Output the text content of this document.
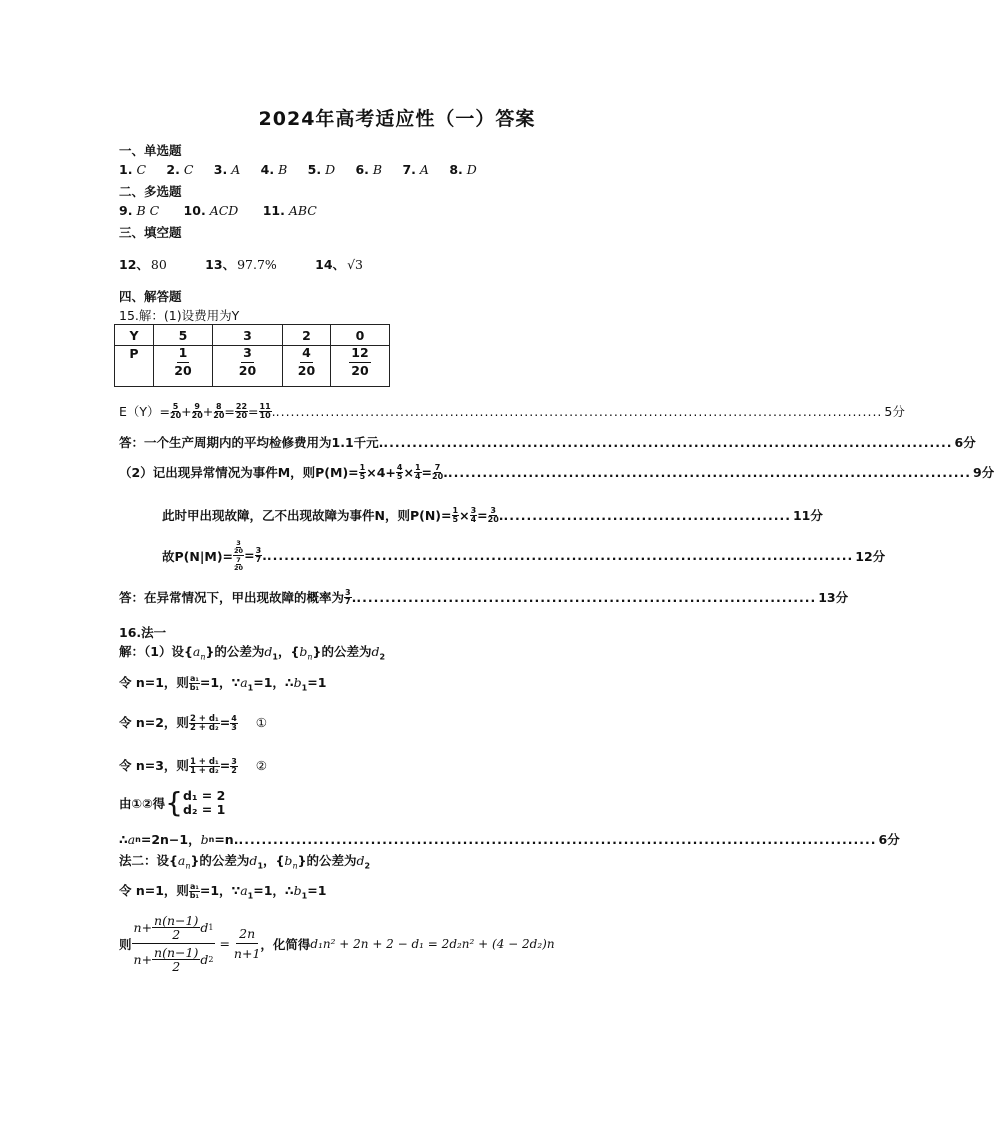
2024年高考适应性（一）答案
一、单选题
1. C 2. C 3. A 4. B 5. D 6. B 7. A 8. D
二、多选题
9. B C 10. ACD 11. ABC
三、填空题
12、 80	13、 97.7%	14、 √3
四、解答题
15.解：(1)设费用为Y
Y	5	3	2	0
P	$\frac{1}{20}$	$\frac{3}{20}$	$\frac{4}{20}$	$\frac{12}{20}$
$E(Y)= \frac{5}{20} + \frac{9}{20} + \frac{8}{20} = \frac{22}{20} = \frac{11}{10}$ . .......................................................................................................................... 5分
答：一个生产周期内的平均检修费用为1.1千元. ................................................................................................... 6分
（2）记出现异常情况为事件M，则$P(M)= \frac{1}{5} \times 4+ \frac{4}{5} \times \frac{1}{4} = \frac{7}{20}$ . ........................................................................................... 9分
此时甲出现故障，乙不出现故障为事件N，则$P(N)= \frac{1}{5} \times \frac{3}{4} = \frac{3}{20}$ . .................................................. 11分
故$P(N|M)= \frac{\frac{3}{20}}{\frac{7}{20}} = \frac{3}{7}$ . ...................................................................................................... 12分
答：在异常情况下，甲出现故障的概率为 $\frac{3}{7}$ . ................................................................................ 13分
16.法一
解：（1）设$\{a_n\}$的公差为$d_1$，$\{b_n\}$的公差为$d_2$
令 n=1，则 $\frac{\text{a₁}}{\text{b₁}} =1$，$\because a_1=1$，$\therefore b_1=1$
令 n=2，则 $\frac{\text{2 + d₁}}{\text{2 + d₂}} = \frac{4}{3}$ ①
令 n=3，则 $\frac{\text{1 + d₁}}{\text{1 + d₂}} = \frac{3}{2}$ ②
由①②得 { d₁ = 2
d₂ = 1
∴ a n =2n−1， b n =n. ............................................................................................................... 6分
法二：设$\{a_n\}$的公差为$d_1$，$\{b_n\}$的公差为$d_2$
令 n=1，则 $\frac{\text{a₁}}{\text{b₁}} =1$，$\because a_1=1$，$\therefore b_1=1$
则 $\frac{n+ \frac{n(n-1)}{2} d 1}{n+ \frac{n(n-1)}{2} d 2} = \frac{2n}{n+1}$ ，化简得 d₁n² + 2n + 2 − d₁ = 2d₂n² + (4 − 2d₂)n
